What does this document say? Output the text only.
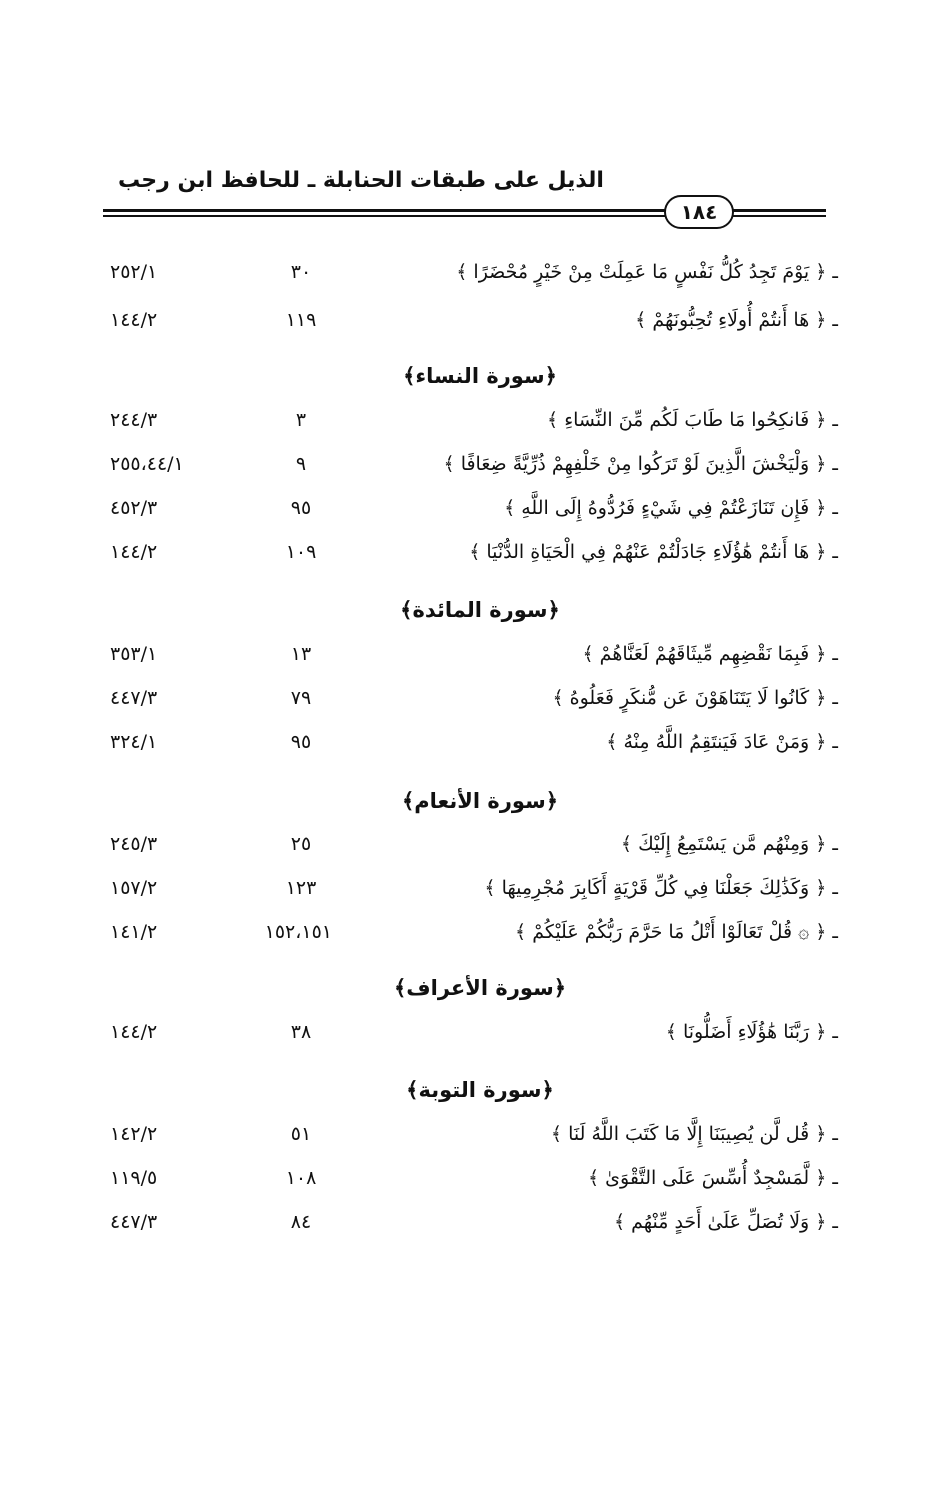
الذيل على طبقات الحنابلة ـ للحافظ ابن رجب
١٨٤
ـ ﴿ يَوْمَ تَجِدُ كُلُّ نَفْسٍ مَا عَمِلَتْ مِنْ خَيْرٍ مُحْضَرًا ﴾
٣٠
٢٥٢/١
ـ ﴿ هَا أَنتُمْ أُولَاءِ تُحِبُّونَهُمْ ﴾
١١٩
١٤٤/٢
﴿سورة النساء﴾
ـ ﴿ فَانكِحُوا مَا طَابَ لَكُم مِّنَ النِّسَاءِ ﴾
٣
٢٤٤/٣
ـ ﴿ وَلْيَخْشَ الَّذِينَ لَوْ تَرَكُوا مِنْ خَلْفِهِمْ ذُرِّيَّةً ضِعَافًا ﴾
٩
٢٥٥،٤٤/١
ـ ﴿ فَإِن تَنَازَعْتُمْ فِي شَيْءٍ فَرُدُّوهُ إِلَى اللَّهِ ﴾
٩٥
٤٥٢/٣
ـ ﴿ هَا أَنتُمْ هَٰؤُلَاءِ جَادَلْتُمْ عَنْهُمْ فِي الْحَيَاةِ الدُّنْيَا ﴾
١٠٩
١٤٤/٢
﴿سورة المائدة﴾
ـ ﴿ فَبِمَا نَقْضِهِم مِّيثَاقَهُمْ لَعَنَّاهُمْ ﴾
١٣
٣٥٣/١
ـ ﴿ كَانُوا لَا يَتَنَاهَوْنَ عَن مُّنكَرٍ فَعَلُوهُ ﴾
٧٩
٤٤٧/٣
ـ ﴿ وَمَنْ عَادَ فَيَنتَقِمُ اللَّهُ مِنْهُ ﴾
٩٥
٣٢٤/١
﴿سورة الأنعام﴾
ـ ﴿ وَمِنْهُم مَّن يَسْتَمِعُ إِلَيْكَ ﴾
٢٥
٢٤٥/٣
ـ ﴿ وَكَذَٰلِكَ جَعَلْنَا فِي كُلِّ قَرْيَةٍ أَكَابِرَ مُجْرِمِيهَا ﴾
١٢٣
١٥٧/٢
ـ ﴿ ۞ قُلْ تَعَالَوْا أَتْلُ مَا حَرَّمَ رَبُّكُمْ عَلَيْكُمْ ﴾
١٥٢،١٥١
١٤١/٢
﴿سورة الأعراف﴾
ـ ﴿ رَبَّنَا هَٰؤُلَاءِ أَضَلُّونَا ﴾
٣٨
١٤٤/٢
﴿سورة التوبة﴾
ـ ﴿ قُل لَّن يُصِيبَنَا إِلَّا مَا كَتَبَ اللَّهُ لَنَا ﴾
٥١
١٤٢/٢
ـ ﴿ لَّمَسْجِدٌ أُسِّسَ عَلَى التَّقْوَىٰ ﴾
١٠٨
١١٩/٥
ـ ﴿ وَلَا تُصَلِّ عَلَىٰ أَحَدٍ مِّنْهُم ﴾
٨٤
٤٤٧/٣
